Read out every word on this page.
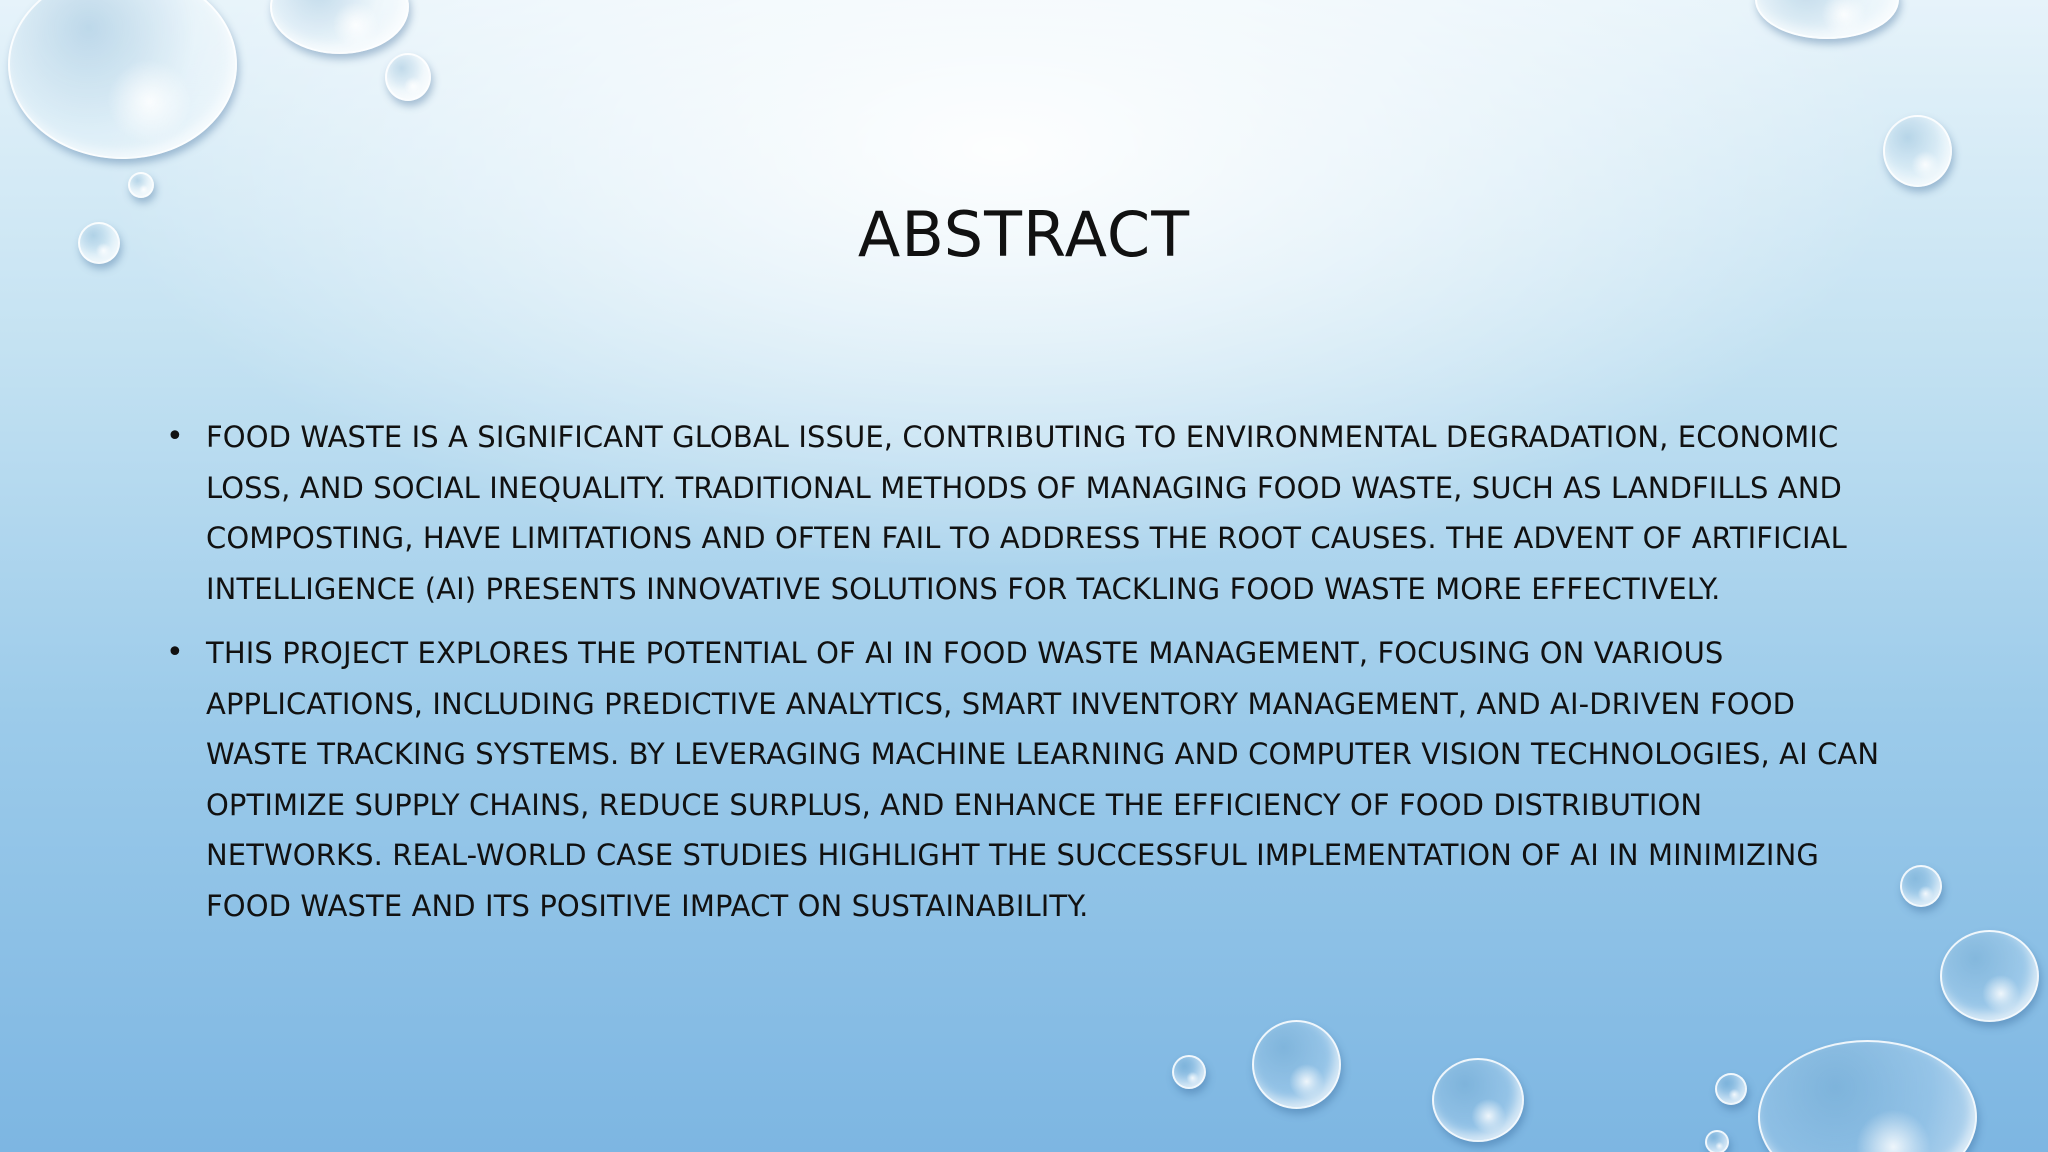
ABSTRACT
• FOOD WASTE IS A SIGNIFICANT GLOBAL ISSUE, CONTRIBUTING TO ENVIRONMENTAL DEGRADATION, ECONOMIC LOSS, AND SOCIAL INEQUALITY. TRADITIONAL METHODS OF MANAGING FOOD WASTE, SUCH AS LANDFILLS AND COMPOSTING, HAVE LIMITATIONS AND OFTEN FAIL TO ADDRESS THE ROOT CAUSES. THE ADVENT OF ARTIFICIAL INTELLIGENCE (AI) PRESENTS INNOVATIVE SOLUTIONS FOR TACKLING FOOD WASTE MORE EFFECTIVELY.
• THIS PROJECT EXPLORES THE POTENTIAL OF AI IN FOOD WASTE MANAGEMENT, FOCUSING ON VARIOUS APPLICATIONS, INCLUDING PREDICTIVE ANALYTICS, SMART INVENTORY MANAGEMENT, AND AI-DRIVEN FOOD WASTE TRACKING SYSTEMS. BY LEVERAGING MACHINE LEARNING AND COMPUTER VISION TECHNOLOGIES, AI CAN OPTIMIZE SUPPLY CHAINS, REDUCE SURPLUS, AND ENHANCE THE EFFICIENCY OF FOOD DISTRIBUTION NETWORKS. REAL-WORLD CASE STUDIES HIGHLIGHT THE SUCCESSFUL IMPLEMENTATION OF AI IN MINIMIZING FOOD WASTE AND ITS POSITIVE IMPACT ON SUSTAINABILITY.
